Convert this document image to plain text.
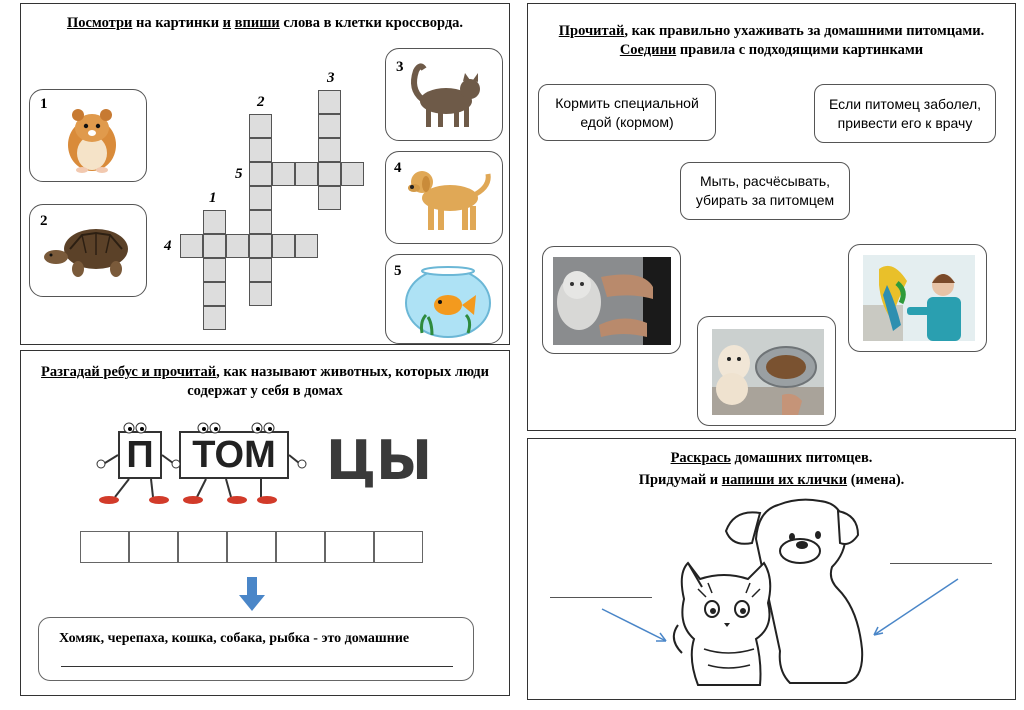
Посмотри на картинки и впиши слова в клетки кроссворда.
1
2
1
2
3
4
5
3
4
5
Разгадай ребус и прочитай, как называют животных, которых люди содержат у себя в домах
П ТОМ ЦЫ
Хомяк, черепаха, кошка, собака, рыбка - это домашние
Прочитай, как правильно ухаживать за домашними питомцами.
Соедини правила с подходящими картинками
Кормить специальной едой (кормом)
Если питомец заболел, привести его к врачу
Мыть, расчёсывать, убирать за питомцем
Раскрась домашних питомцев.
Придумай и напиши их клички (имена).
